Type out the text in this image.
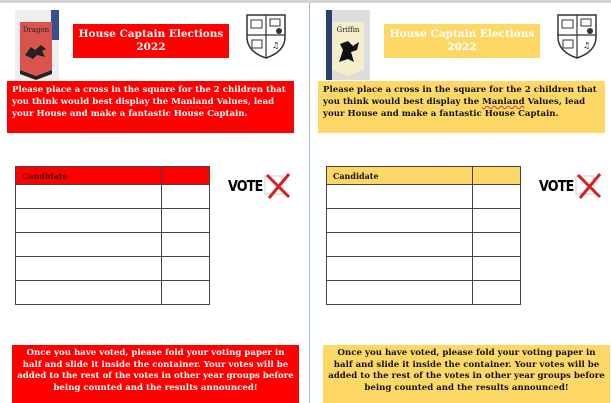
Dragon	House Captain Elections
2022	♫
Please place a cross in the square for the 2 children that you think would best display the Manland Values, lead your House and make a fantastic House Captain.
Candidate	

VOTE
Once you have voted, please fold your voting paper in half and slide it inside the container. Your votes will be added to the rest of the votes in other year groups before being counted and the results announced!
Griffin	House Captain Elections
2022	♫
Please place a cross in the square for the 2 children that you think would best display the Manland Values, lead your House and make a fantastic House Captain.
Candidate	

VOTE
Once you have voted, please fold your voting paper in half and slide it inside the container. Your votes will be added to the rest of the votes in other year groups before being counted and the results announced!
